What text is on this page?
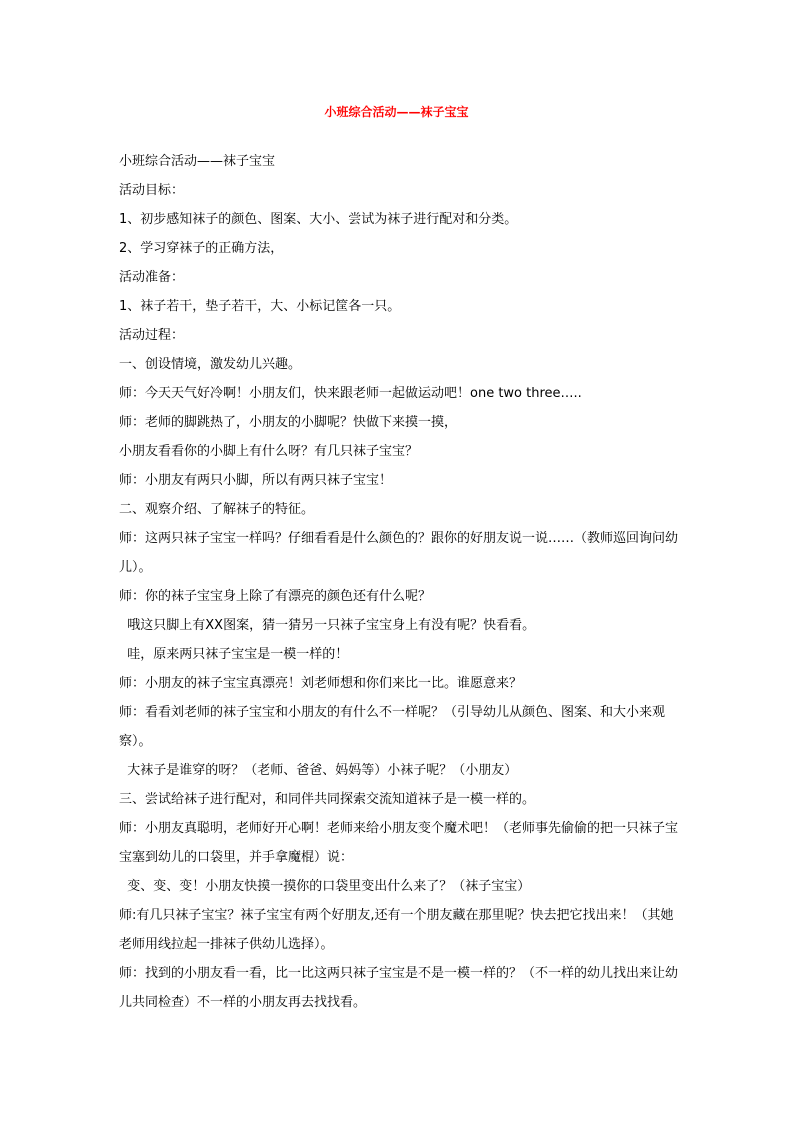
小班综合活动——袜子宝宝

小班综合活动——袜子宝宝

活动目标：

1、初步感知袜子的颜色、图案、大小、尝试为袜子进行配对和分类。

2、学习穿袜子的正确方法，

活动准备：

1、袜子若干，垫子若干，大、小标记筐各一只。

活动过程：

一、创设情境，激发幼儿兴趣。

师：今天天气好冷啊！小朋友们，快来跟老师一起做运动吧！one two three…..

师：老师的脚跳热了，小朋友的小脚呢？快做下来摸一摸，

小朋友看看你的小脚上有什么呀？有几只袜子宝宝？

师：小朋友有两只小脚，所以有两只袜子宝宝！

二、观察介绍、了解袜子的特征。

师：这两只袜子宝宝一样吗？仔细看看是什么颜色的？跟你的好朋友说一说……（教师巡回询问幼儿）。

师：你的袜子宝宝身上除了有漂亮的颜色还有什么呢？

哦这只脚上有XX图案，猜一猜另一只袜子宝宝身上有没有呢？快看看。

哇，原来两只袜子宝宝是一模一样的！

师：小朋友的袜子宝宝真漂亮！刘老师想和你们来比一比。谁愿意来？

师：看看刘老师的袜子宝宝和小朋友的有什么不一样呢？（引导幼儿从颜色、图案、和大小来观察）。

大袜子是谁穿的呀？（老师、爸爸、妈妈等）小袜子呢？（小朋友）

三、尝试给袜子进行配对，和同伴共同探索交流知道袜子是一模一样的。

师：小朋友真聪明，老师好开心啊！老师来给小朋友变个魔术吧！（老师事先偷偷的把一只袜子宝宝塞到幼儿的口袋里，并手拿魔棍）说：

变、变、变！小朋友快摸一摸你的口袋里变出什么来了？（袜子宝宝）

师:有几只袜子宝宝？袜子宝宝有两个好朋友,还有一个朋友藏在那里呢？快去把它找出来！（其她老师用线拉起一排袜子供幼儿选择）。

师：找到的小朋友看一看，比一比这两只袜子宝宝是不是一模一样的？（不一样的幼儿找出来让幼儿共同检查）不一样的小朋友再去找找看。
